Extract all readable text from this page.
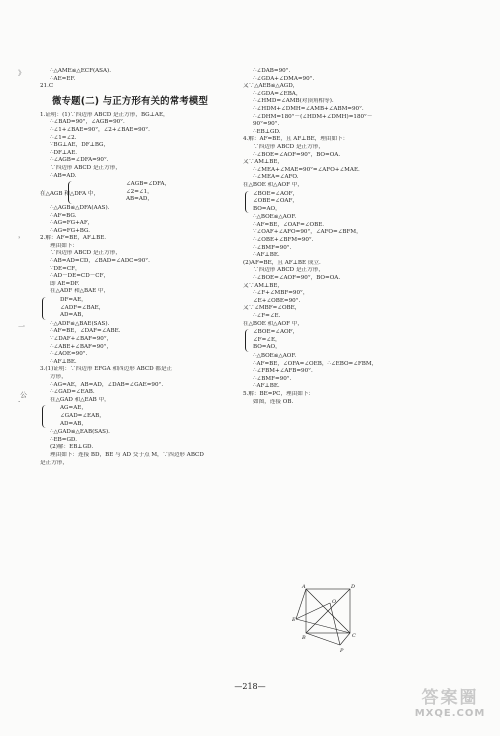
》
，
一
·
公
∴△AME≌△ECF(ASA).
∴AE=EF.
21.C
微专题(二) 与正方形有关的常考模型
1.证明：(1)∵四边形 ABCD 是正方形，BG⊥AE，
∴∠BAD=90°，∠AGB=90°.
∴∠1+∠BAE=90°，∠2+∠BAE=90°.
∴∠1=∠2.
∵BG⊥AE，DF⊥BG，
∴DF⊥AE.
∴∠AGB=∠DFA=90°.
∵四边形 ABCD 是正方形，
∴AB=AD.
在△AGB 和△DFA 中，
∠AGB=∠DFA，
∠2=∠1，
AB=AD，
∴△AGB≌△DFA(AAS).
∴AF=BG.
∴AG=FG+AF，
∴AG=FG+BG.
2.解：AF=BE，AF⊥BE.
理由如下：
∵四边形 ABCD 是正方形，
∴AB=AD=CD，∠BAD=∠ADC=90°.
∵DE=CF，
∴AD－DE=CD－CF，
即 AE=DF.
在△ADF 和△BAE 中，
DF=AE，
∠ADF=∠BAE，
AD=AB，
∴△ADF≌△BAE(SAS).
∴AF=BE，∠DAF=∠ABE.
∵∠DAF+∠BAF=90°，
∴∠ABE+∠BAF=90°，
∴∠AOE=90°.
∴AF⊥BE.
3.(1)证明：∵四边形 EFGA 和四边形 ABCD 都是正
方形，
∴AG=AE，AB=AD，∠DAB=∠GAE=90°.
∴∠GAD=∠EAB.
在△GAD 和△EAB 中，
AG=AE，
∠GAD=∠EAB，
AD=AB，
∴△GAD≌△EAB(SAS).
∴EB=GD.
(2)解：EB⊥GD.
理由如下：连接 BD，BE 与 AD 交于点 M，∵四边形 ABCD
是正方形，
∴∠DAB=90°.
∴∠GDA+∠DMA=90°.
又∵△AEB≌△AGD，
∴∠GDA=∠EBA，
∴∠HMD=∠AMB(对顶角相等).
∴∠HDM+∠DMH=∠AMB+∠ABM=90°.
∴∠DHM=180°－(∠HDM+∠DMH)=180°－
90°=90°.
∴EB⊥GD.
4.解：AF=BE，且 AF⊥BE，理由如下：
∵四边形 ABCD 是正方形，
∴∠BOE=∠AOF=90°，BO=OA.
又∵AM⊥BE，
∴∠MEA+∠MAE=90°=∠AFO+∠MAE.
∴∠MEA=∠AFO.
在△BOE 和△AOF 中，
∠BOE=∠AOF，
∠OBE=∠OAF，
BO=AO，
∴△BOE≌△AOF.
∴AF=BE，∠OAF=∠OBE.
∵∠OAF+∠AFO=90°，∠AFO=∠BFM，
∴∠OBE+∠BFM=90°.
∴∠BMF=90°.
∴AF⊥BE.
(2)AF=BE，且 AF⊥BE 成立.
∵四边形 ABCD 是正方形，
∴∠BOE=∠AOF=90°，BO=OA.
又∵AM⊥BE，
∴∠F+∠MBF=90°，
∠E+∠OBE=90°.
又∵∠MBF=∠OBE，
∴∠F=∠E.
在△BOE 和△AOF 中，
∠BOE=∠AOF，
∠F=∠E，
BO=AO，
∴△BOE≌△AOF.
∴AF=BE，∠OFA=∠OEB，∴∠EBO=∠FBM，
∴∠FBM+∠AFB=90°.
∴∠BMF=90°.
∴AF⊥BE.
5.解：BE=PC，理由如下：
如图，连接 OB.
A	D
O
E
B	C
P
—218—
答案圈
MXQE.COM
